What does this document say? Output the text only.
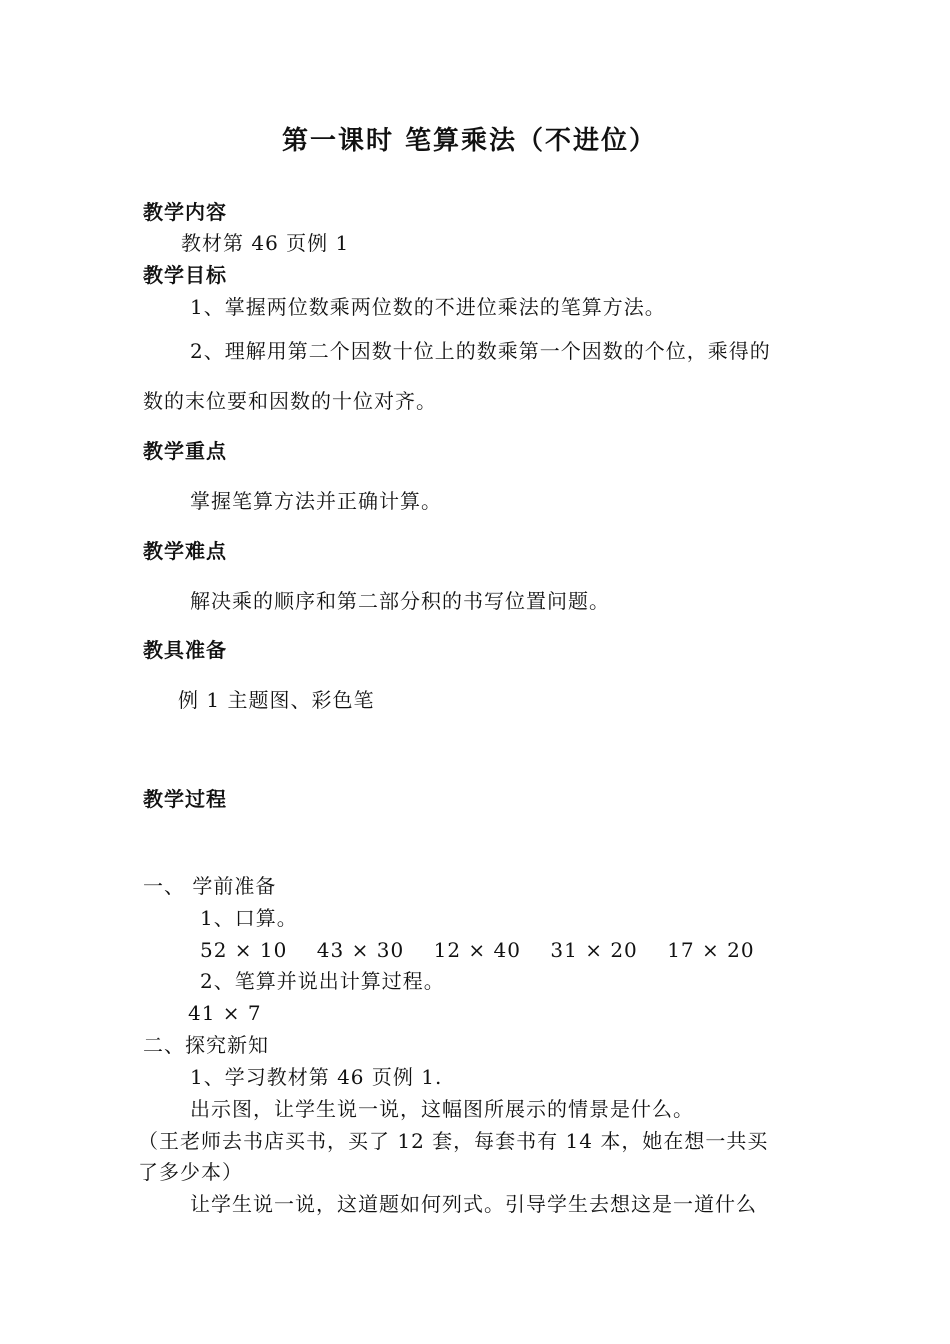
第一课时 笔算乘法（不进位）
教学内容
教材第 46 页例 1
教学目标
1、掌握两位数乘两位数的不进位乘法的笔算方法。
2、理解用第二个因数十位上的数乘第一个因数的个位，乘得的
数的末位要和因数的十位对齐。
教学重点
掌握笔算方法并正确计算。
教学难点
解决乘的顺序和第二部分积的书写位置问题。
教具准备
例 1 主题图、彩色笔
教学过程
一、 学前准备
1、口算。
52 × 10    43 × 30    12 × 40    31 × 20    17 × 20
2、笔算并说出计算过程。
41 × 7
二、探究新知
1、学习教材第 46 页例 1.
出示图，让学生说一说，这幅图所展示的情景是什么。
（王老师去书店买书，买了 12 套，每套书有 14 本，她在想一共买
了多少本）
让学生说一说，这道题如何列式。引导学生去想这是一道什么
